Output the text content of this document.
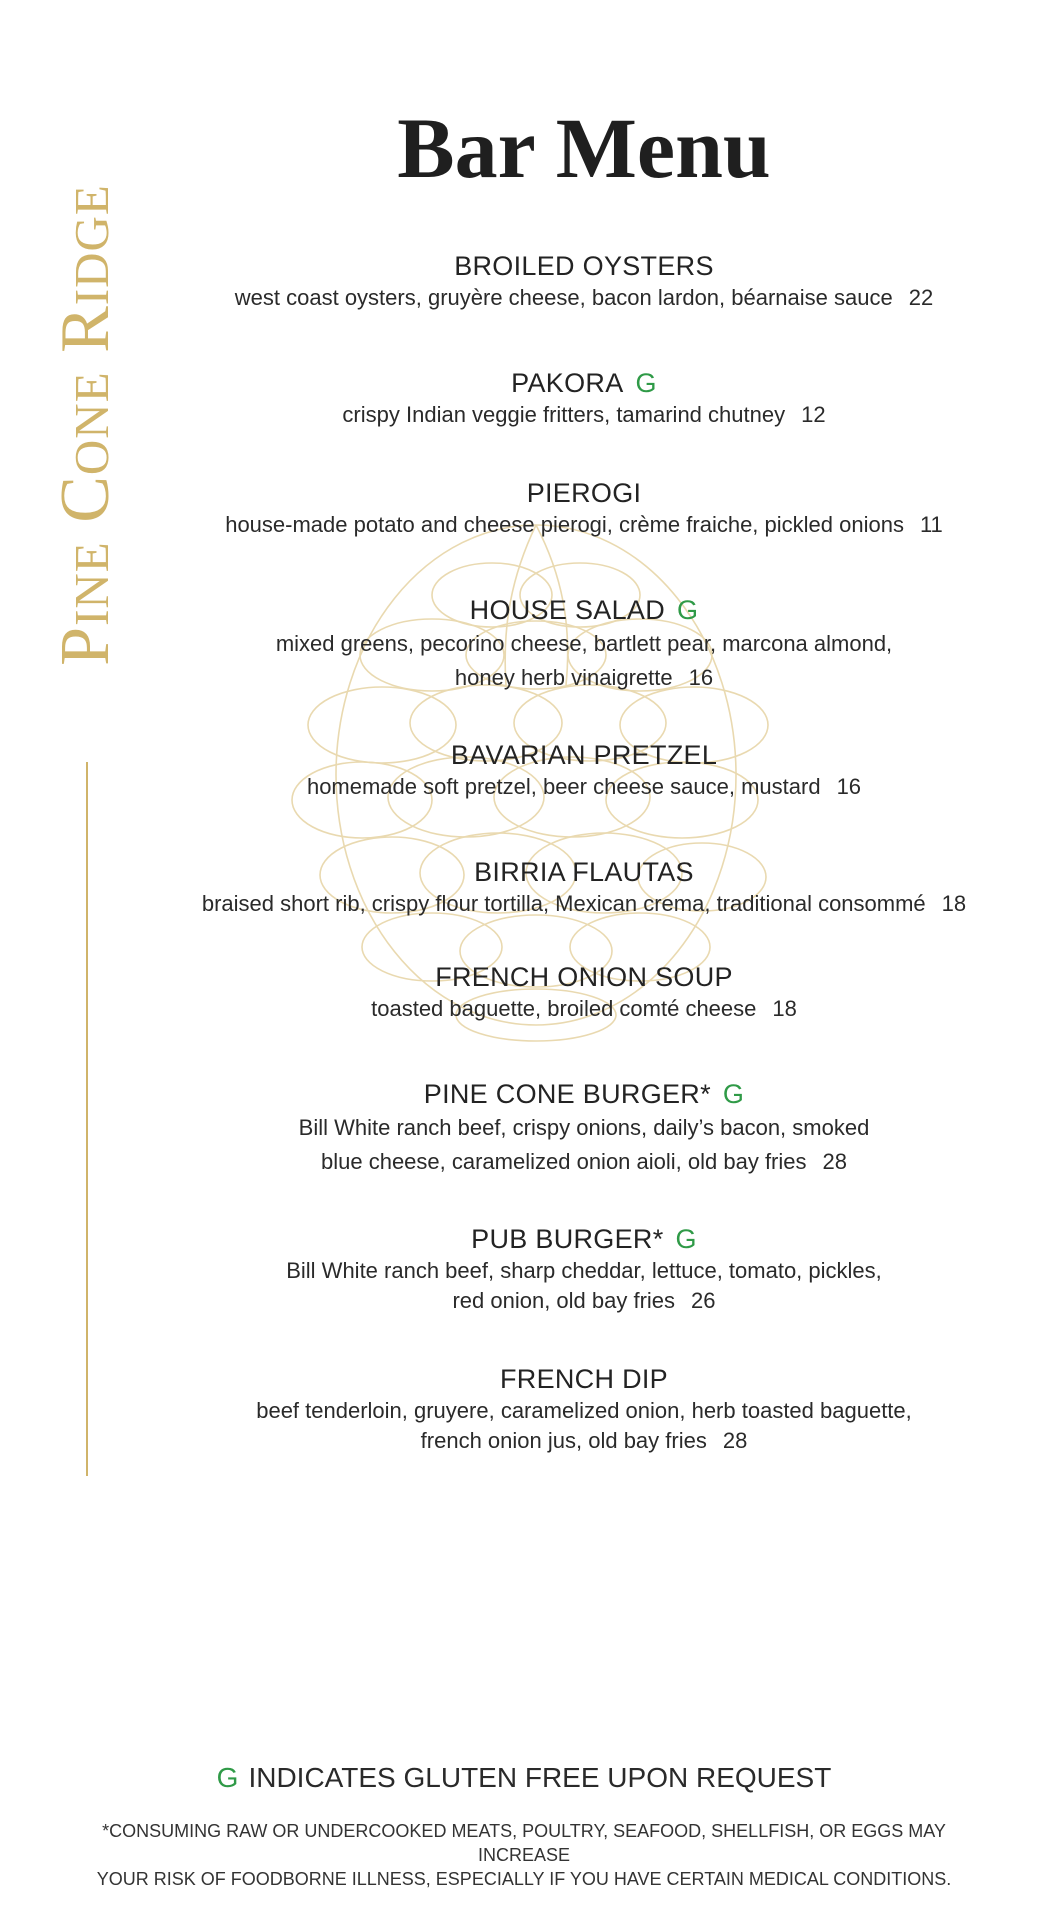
Pine Cone Ridge
Bar Menu
BROILED OYSTERS
west coast oysters, gruyère cheese, bacon lardon, béarnaise sauce 22
PAKORA G
crispy Indian veggie fritters, tamarind chutney 12
PIEROGI
house-made potato and cheese pierogi, crème fraiche, pickled onions 11
HOUSE SALAD G
mixed greens, pecorino cheese, bartlett pear, marcona almond,
honey herb vinaigrette 16
BAVARIAN PRETZEL
homemade soft pretzel, beer cheese sauce, mustard 16
BIRRIA FLAUTAS
braised short rib, crispy flour tortilla, Mexican crema, traditional consommé 18
FRENCH ONION SOUP
toasted baguette, broiled comté cheese 18
PINE CONE BURGER* G
Bill White ranch beef, crispy onions, daily’s bacon, smoked
blue cheese, caramelized onion aioli, old bay fries 28
PUB BURGER* G
Bill White ranch beef, sharp cheddar, lettuce, tomato, pickles,
red onion, old bay fries 26
FRENCH DIP
beef tenderloin, gruyere, caramelized onion, herb toasted baguette,
french onion jus, old bay fries 28
G INDICATES GLUTEN FREE UPON REQUEST
*CONSUMING RAW OR UNDERCOOKED MEATS, POULTRY, SEAFOOD, SHELLFISH, OR EGGS MAY INCREASE
YOUR RISK OF FOODBORNE ILLNESS, ESPECIALLY IF YOU HAVE CERTAIN MEDICAL CONDITIONS.
